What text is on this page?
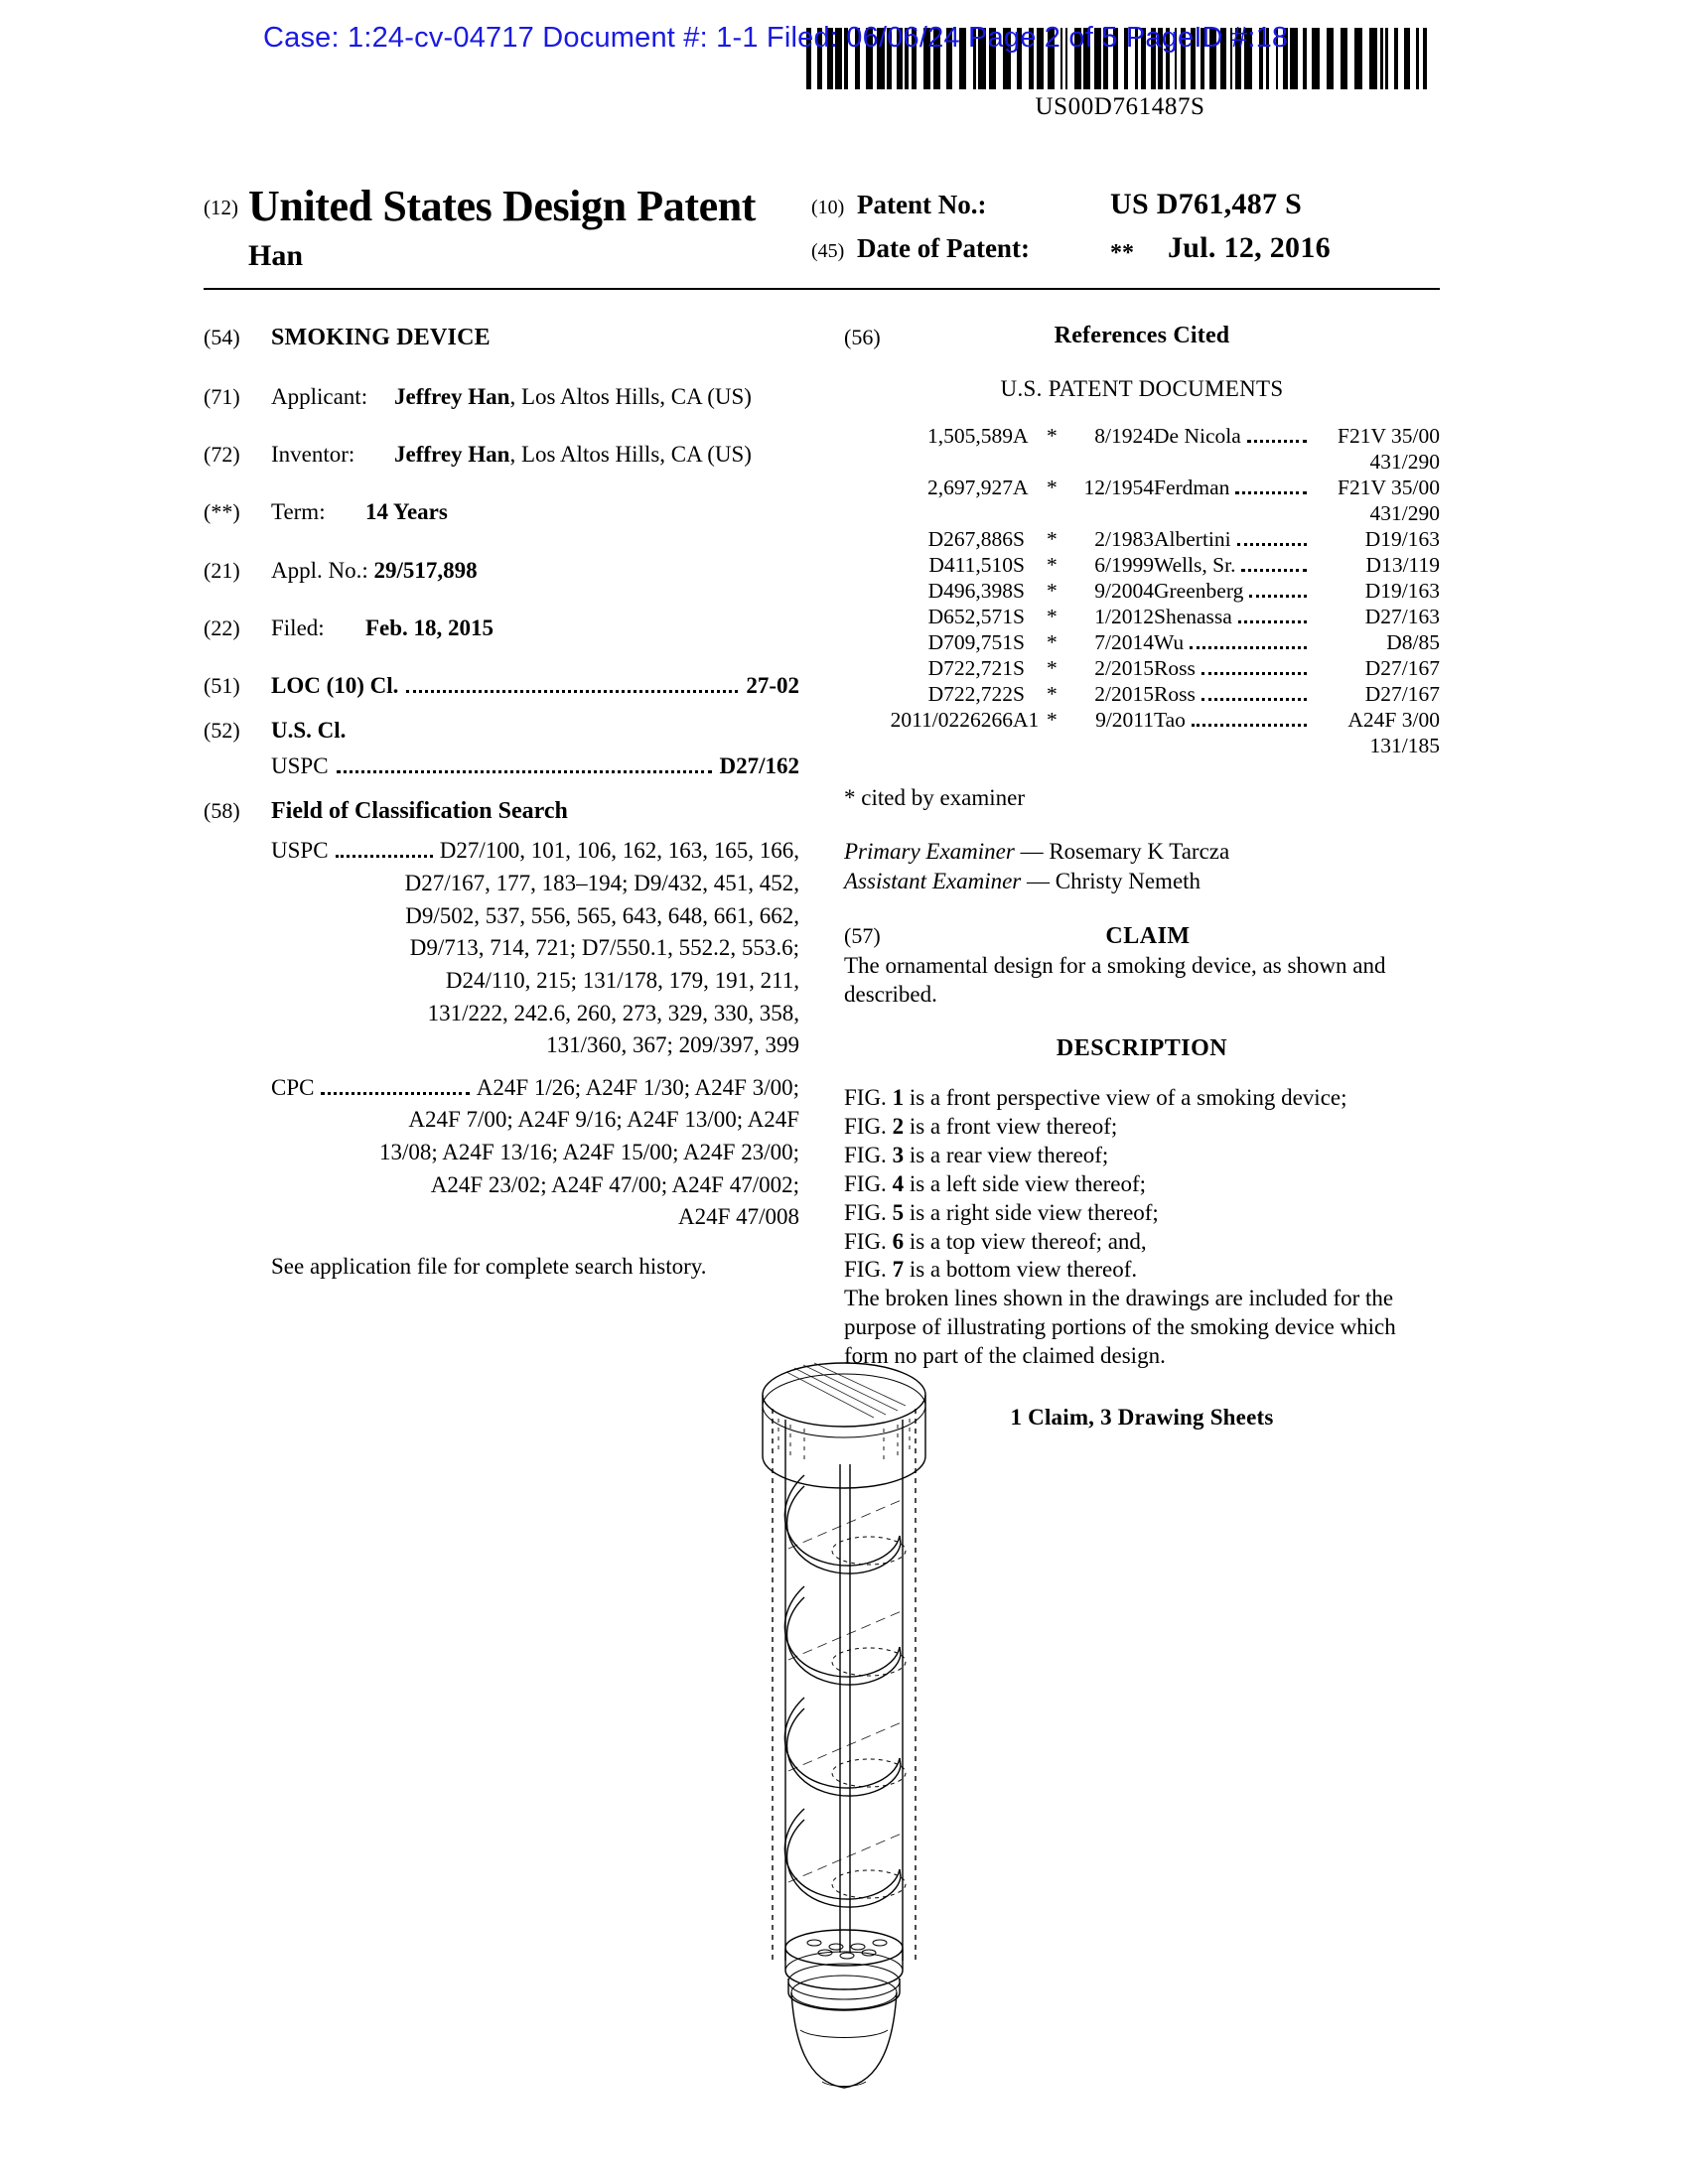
US00D761487S
Case: 1:24-cv-04717 Document #: 1-1 Filed: 06/06/24 Page 2 of 5 PageID #:18
(12) United States Design Patent
Han
(10) Patent No.:	US D761,487 S
(45) Date of Patent:	** Jul. 12, 2016
(54)	SMOKING DEVICE
(71)	Applicant: Jeffrey Han, Los Altos Hills, CA (US)
(72)	Inventor: Jeffrey Han, Los Altos Hills, CA (US)
(**)	Term: 14 Years
(21)	Appl. No.: 29/517,898
(22)	Filed: Feb. 18, 2015
(51)	LOC (10) Cl.	27-02
(52)	U.S. Cl.
USPC	D27/162
(58)	Field of Classification Search
USPC	D27/100, 101, 106, 162, 163, 165, 166,
D27/167, 177, 183–194; D9/432, 451, 452,
D9/502, 537, 556, 565, 643, 648, 661, 662,
D9/713, 714, 721; D7/550.1, 552.2, 553.6;
D24/110, 215; 131/178, 179, 191, 211,
131/222, 242.6, 260, 273, 329, 330, 358,
131/360, 367; 209/397, 399
CPC	A24F 1/26; A24F 1/30; A24F 3/00;
A24F 7/00; A24F 9/16; A24F 13/00; A24F
13/08; A24F 13/16; A24F 15/00; A24F 23/00;
A24F 23/02; A24F 47/00; A24F 47/002;
A24F 47/008
See application file for complete search history.
(56)	References Cited
U.S. PATENT DOCUMENTS
1,505,589	A	*	8/1924	De Nicola	F21V 35/00
431/290					
2,697,927	A	*	12/1954	Ferdman	F21V 35/00
431/290					
D267,886	S	*	2/1983	Albertini	D19/163
D411,510	S	*	6/1999	Wells, Sr.	D13/119
D496,398	S	*	9/2004	Greenberg	D19/163
D652,571	S	*	1/2012	Shenassa	D27/163
D709,751	S	*	7/2014	Wu	D8/85
D722,721	S	*	2/2015	Ross	D27/167
D722,722	S	*	2/2015	Ross	D27/167
2011/0226266	A1	*	9/2011	Tao	A24F 3/00
131/185					
* cited by examiner
Primary Examiner — Rosemary K Tarcza
Assistant Examiner — Christy Nemeth
(57)	CLAIM
The ornamental design for a smoking device, as shown and described.
DESCRIPTION
FIG. 1 is a front perspective view of a smoking device;
FIG. 2 is a front view thereof;
FIG. 3 is a rear view thereof;
FIG. 4 is a left side view thereof;
FIG. 5 is a right side view thereof;
FIG. 6 is a top view thereof; and,
FIG. 7 is a bottom view thereof.
The broken lines shown in the drawings are included for the purpose of illustrating portions of the smoking device which form no part of the claimed design.
1 Claim, 3 Drawing Sheets
